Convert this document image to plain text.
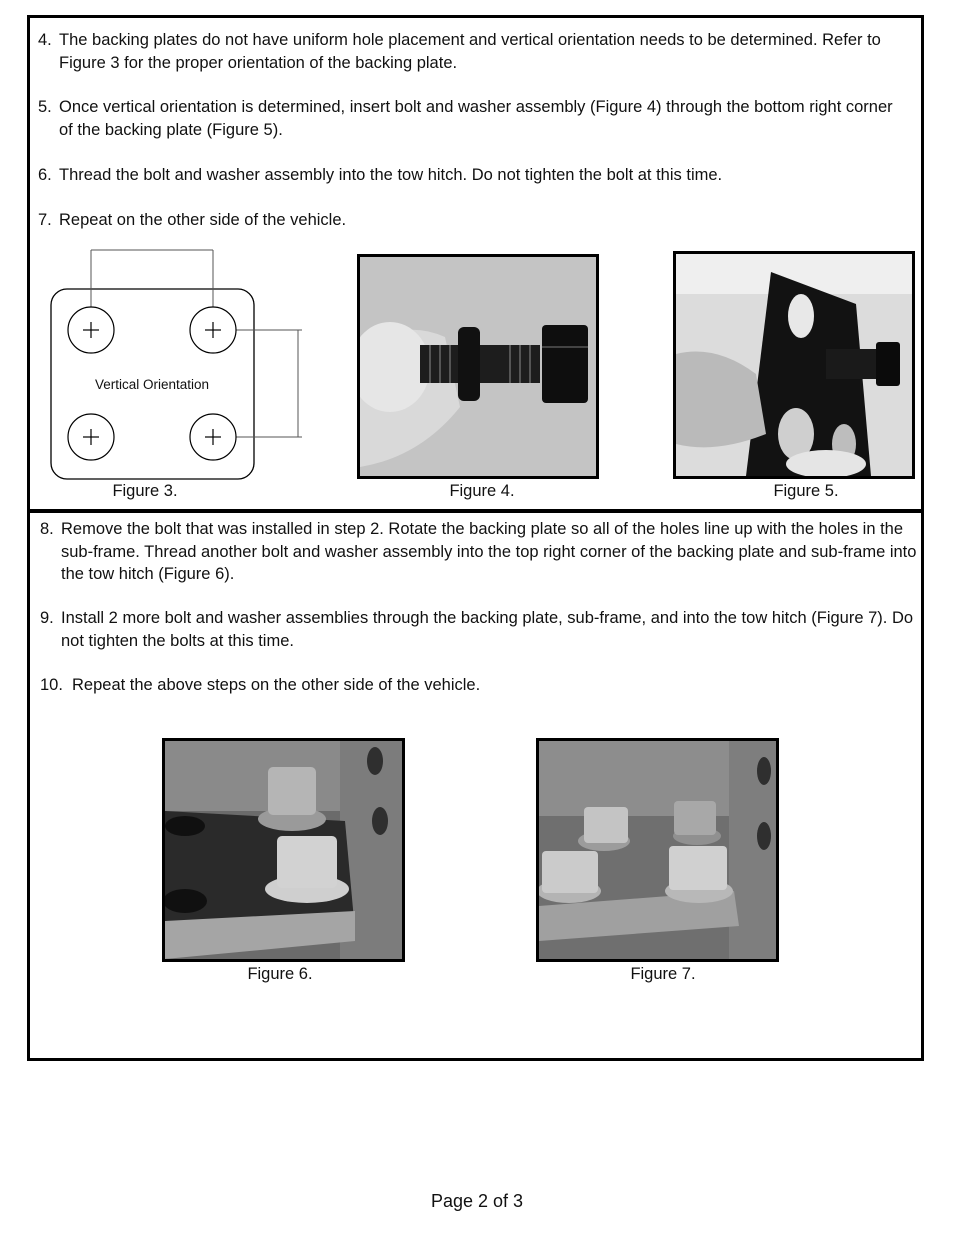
4. The backing plates do not have uniform hole placement and vertical orientation needs to be determined. Refer to Figure 3 for the proper orientation of the backing plate.
5. Once vertical orientation is determined, insert bolt and washer assembly (Figure 4) through the bottom right corner of the backing plate (Figure 5).
6. Thread the bolt and washer assembly into the tow hitch. Do not tighten the bolt at this time.
7. Repeat on the other side of the vehicle.
Vertical Orientation

Figure 3.	Figure 4.	Figure 5.

8. Remove the bolt that was installed in step 2. Rotate the backing plate so all of the holes line up with the holes in the sub-frame. Thread another bolt and washer assembly into the top right corner of the backing plate and sub-frame into the tow hitch (Figure 6).
9. Install 2 more bolt and washer assemblies through the backing plate, sub-frame, and into the tow hitch (Figure 7). Do not tighten the bolts at this time.
10. Repeat the above steps on the other side of the vehicle.

Figure 6.	Figure 7.

Page 2 of 3
